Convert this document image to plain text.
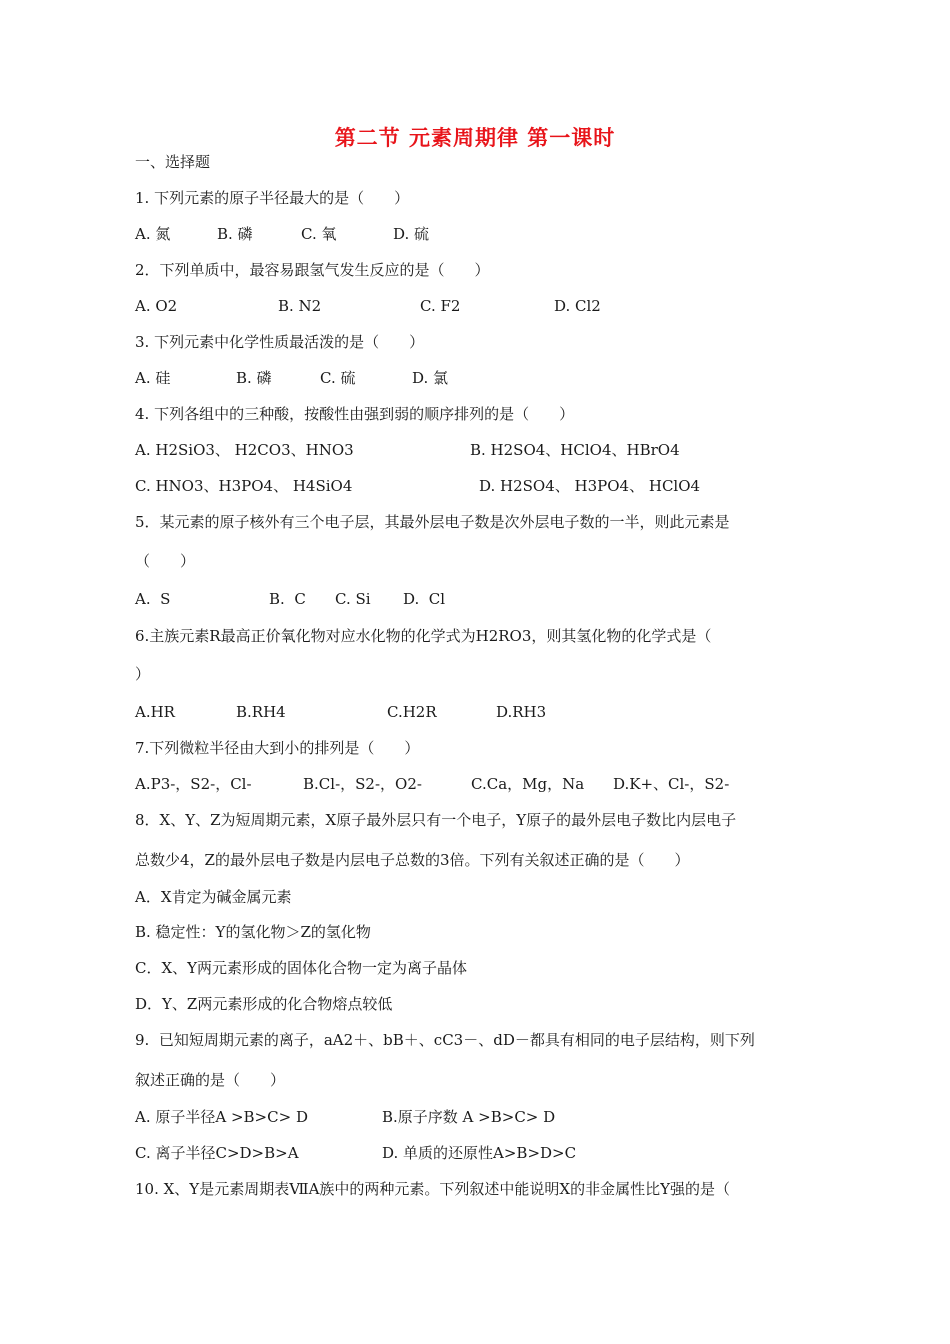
第二节 元素周期律 第一课时
一、选择题
1. 下列元素的原子半径最大的是（　　）

A. 氮

	B. 磷

	C. 氧

	D. 硫

2．下列单质中，最容易跟氢气发生反应的是（　　）

A. O2

	B. N2

	C. F2

	D. Cl2

3. 下列元素中化学性质最活泼的是（　　）

A. 硅

	B. 磷

	C. 硫

	D. 氯

4. 下列各组中的三种酸，按酸性由强到弱的顺序排列的是（　　）

A. H2SiO3、 H2CO3、HNO3

	B. H2SO4、HClO4、HBrO4

C. HNO3、H3PO4、 H4SiO4

	D. H2SO4、 H3PO4、 HClO4

5．某元素的原子核外有三个电子层，其最外层电子数是次外层电子数的一半，则此元素是
（　　）

A.  S

	B.  C

C. Si

D.  Cl

6.主族元素R最高正价氧化物对应水化物的化学式为H2RO3，则其氢化物的化学式是（
）

A.HR

	B.RH4

	C.H2R

	D.RH3

7.下列微粒半径由大到小的排列是（　　）

A.P3-，S2-，Cl-

	B.Cl-，S2-，O2-

	C.Ca，Mg，Na

D.K+、Cl-，S2-

8．X、Y、Z为短周期元素，X原子最外层只有一个电子，Y原子的最外层电子数比内层电子
总数少4，Z的最外层电子数是内层电子总数的3倍。下列有关叙述正确的是（　　）
A．X肯定为碱金属元素
B. 稳定性：Y的氢化物＞Z的氢化物
C．X、Y两元素形成的固体化合物一定为离子晶体
D．Y、Z两元素形成的化合物熔点较低
9.  已知短周期元素的离子，aA2＋、bB＋、cC3－、dD－都具有相同的电子层结构，则下列
叙述正确的是（　　）

A. 原子半径A >B>C> D

	B.原子序数 A >B>C> D

C. 离子半径C>D>B>A

	D. 单质的还原性A>B>D>C

10. X、Y是元素周期表ⅦA族中的两种元素。下列叙述中能说明X的非金属性比Y强的是（
